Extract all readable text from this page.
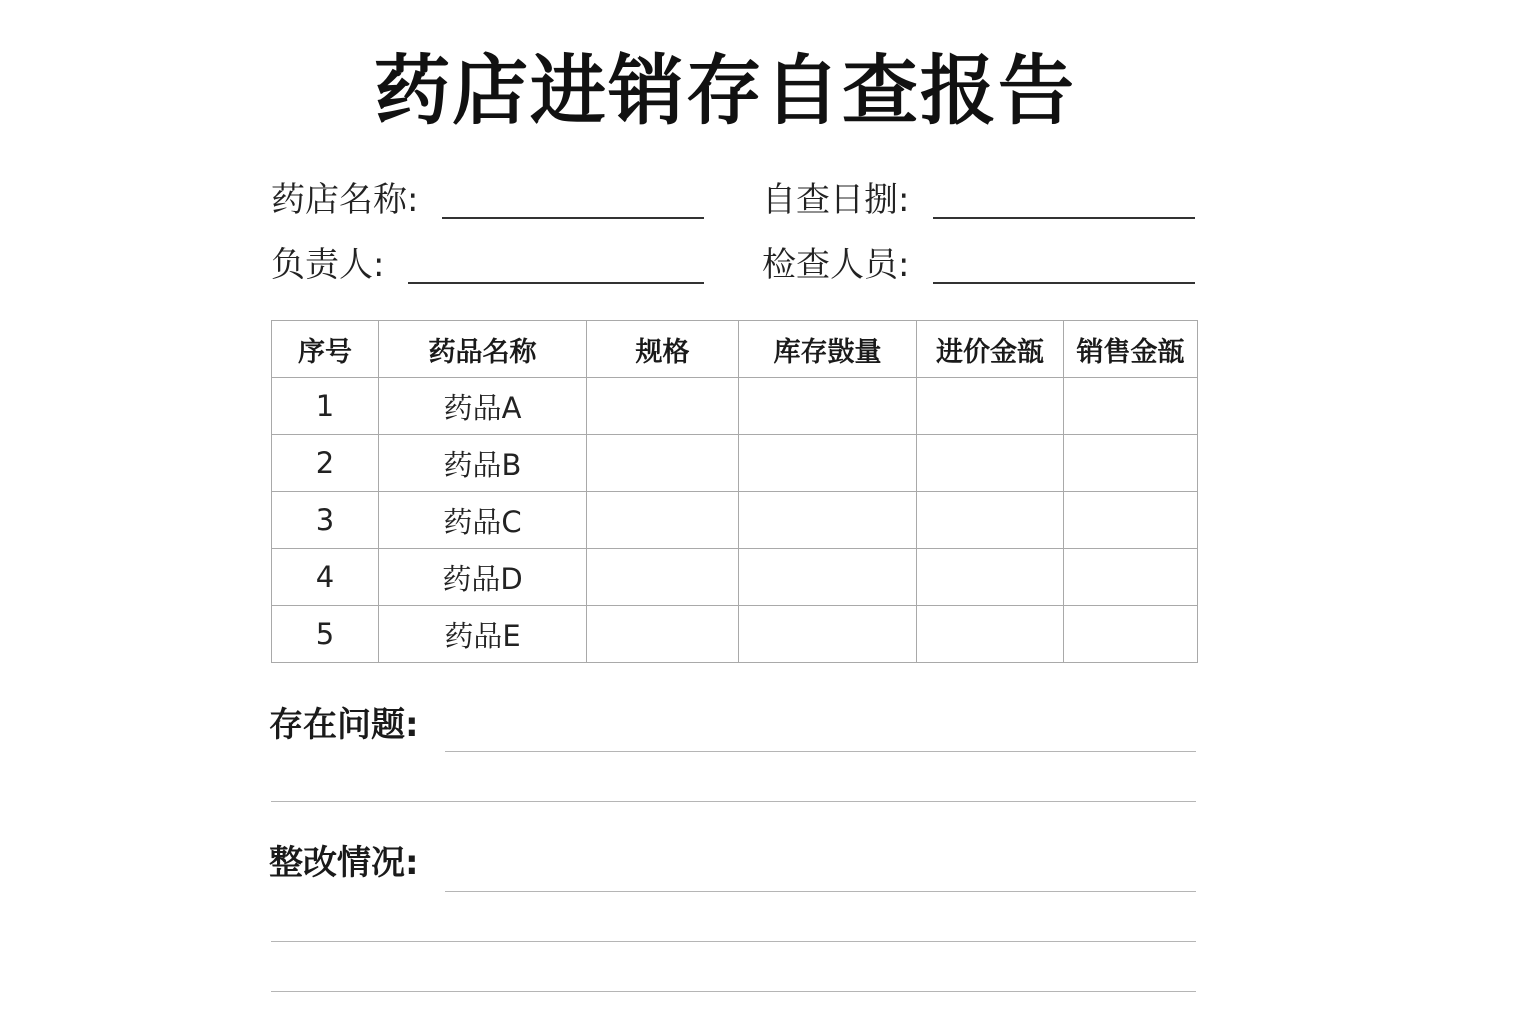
药店进销存自查报告
药店名称:	自查日捌:
负责人:	检查人员:
序号	药品名称	规格	库存敱量	进价金瓿	销售金瓿
1	药品A				
2	药品B				
3	药品C				
4	药品D				
5	药品E				
存在问题:
整改情况:
